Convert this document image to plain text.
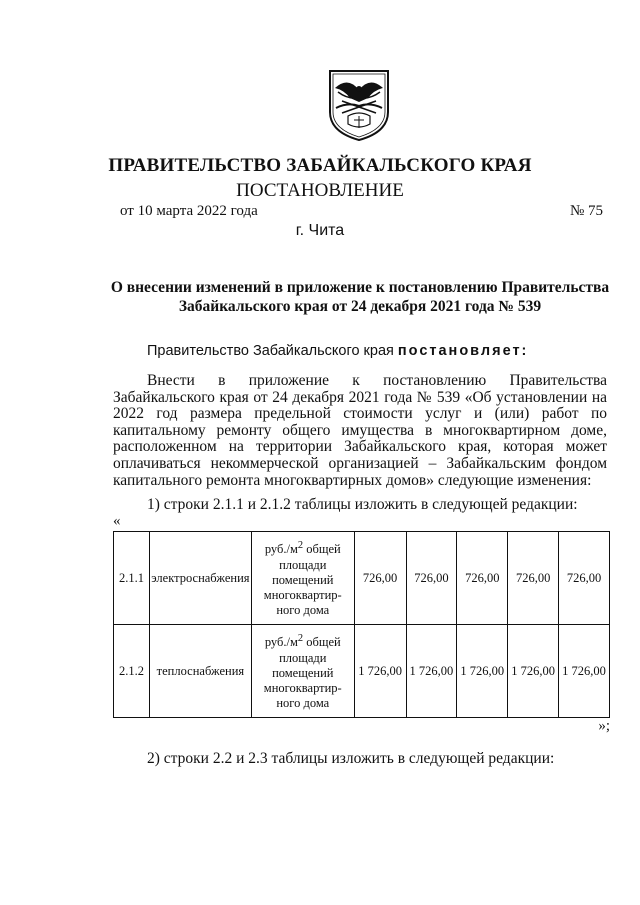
ПРАВИТЕЛЬСТВО ЗАБАЙКАЛЬСКОГО КРАЯ
ПОСТАНОВЛЕНИЕ
от 10 марта 2022 года	№ 75
г. Чита
О внесении изменений в приложение к постановлению Правительства
Забайкальского края от 24 декабря 2021 года № 539
Правительство Забайкальского края постановляет:
Внести в приложение к постановлению Правительства Забайкальского края от 24 декабря 2021 года № 539 «Об установлении на 2022 год размера предельной стоимости услуг и (или) работ по капитальному ремонту общего имущества в многоквартирном доме, расположенном на территории Забайкальского края, которая может оплачиваться некоммерческой организацией – Забайкальским фондом капитального ремонта многоквартирных домов» следующие изменения:
1) строки 2.1.1 и 2.1.2 таблицы изложить в следующей редакции:
«
2.1.1	электроснабжения	$руб./м^2$ общей площади помещений многоквартир-ного дома	726,00	726,00	726,00	726,00	726,00
2.1.2	теплоснабжения	$руб./м^2$ общей площади помещений многоквартир-ного дома	1 726,00	1 726,00	1 726,00	1 726,00	1 726,00
»;
2) строки 2.2 и 2.3 таблицы изложить в следующей редакции:
